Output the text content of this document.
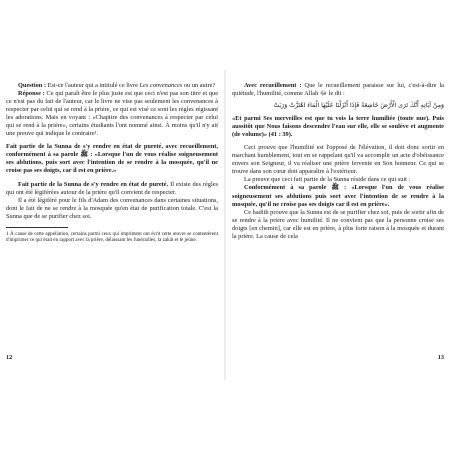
Question : Est-ce l'auteur qui a intitulé ce livre Les convenances ou un autre?

Réponse : Ce qui paraît être le plus juste est que ceci n'est pas son titre et que ce n'est pas du fait de l'auteur, car le livre ne vise pas seulement les convenances à respecter par celui qui se rend à la prière, ce qui est visé ce sont les règles régissant les adorations. Mais en voyant : «Chapitre des convenances à respecter par celui qui se rend à la prière», certains étudiants l'ont nommé ainsi. À moins qu'il n'y ait une preuve qui indique le contraire¹.

Fait partie de la Sunna de s'y rendre en état de pureté, avec recueillement, conformément à sa parole ﷺ : «Lorsque l'un de vous réalise soigneusement ses ablutions, puis sort avec l'intention de se rendre à la mosquée, qu'il ne croise pas ses doigts, car il est en prière.»

Fait partie de la Sunna de s'y rendre en état de pureté. Il existe des règles qui ont été légiférées autour de la prière qu'il convient de respecter.

Il a été légiféré pour le fils d'Adam des convenances dans certaines situations, dont le fait de ne se rendre à la mosquée qu'en état de purification totale. C'est la Sunna que de se purifier chez soi.

1 À cause de cette appellation, certains parmi ceux qui impriment ont écrit cette œuvre se contentèrent d'imprimer ce qui était en rapport avec la prière, délaissant les funérailles, la zakât et le jeûne.

12

Avec recueillement : Que le recueillement paraisse sur lui, c'est-à-dire la quiétude, l'humilité, comme Allah ﷻ le dit :

وَمِنْ آيَاتِهِ أَنَّكَ تَرَى الْأَرْضَ خَاشِعَةً فَإِذَا أَنْزَلْنَا عَلَيْهَا الْمَاءَ اهْتَزَّتْ وَرَبَتْ

«Et parmi Ses merveilles est que tu vois la terre humiliée (toute nue). Puis aussitôt que Nous faisons descendre l'eau sur elle, elle se soulève et augmente (de volume)» (41 : 39).

Ceci prouve que l'humilité est l'opposé de l'élévation, il doit donc sortir en marchant humblement, tout en se rappelant qu'il va accomplir un acte d'obéissance envers son Seigneur, il va réaliser une prière fervente en Son honneur. Ce qui se trouve dans son cœur doit apparaître à l'extérieur.

La preuve que ceci fait partie de la Sunna réside dans ce qui suit :

Conformément à sa parole ﷺ : «Lorsque l'un de vous réalise soigneusement ses ablutions puis sort avec l'intention de se rendre à la mosquée, qu'il ne croise pas ses doigts car il est en prière».

Ce hadith prouve que la Sunna est de se purifier chez soi, puis de sortir afin de se rendre à la prière avec humilité. Il ne convient pas que la personne croise ses doigts [en chemin], car elle est en prière, à plus forte raison à la mosquée et durant la prière. La cause de cela

13
